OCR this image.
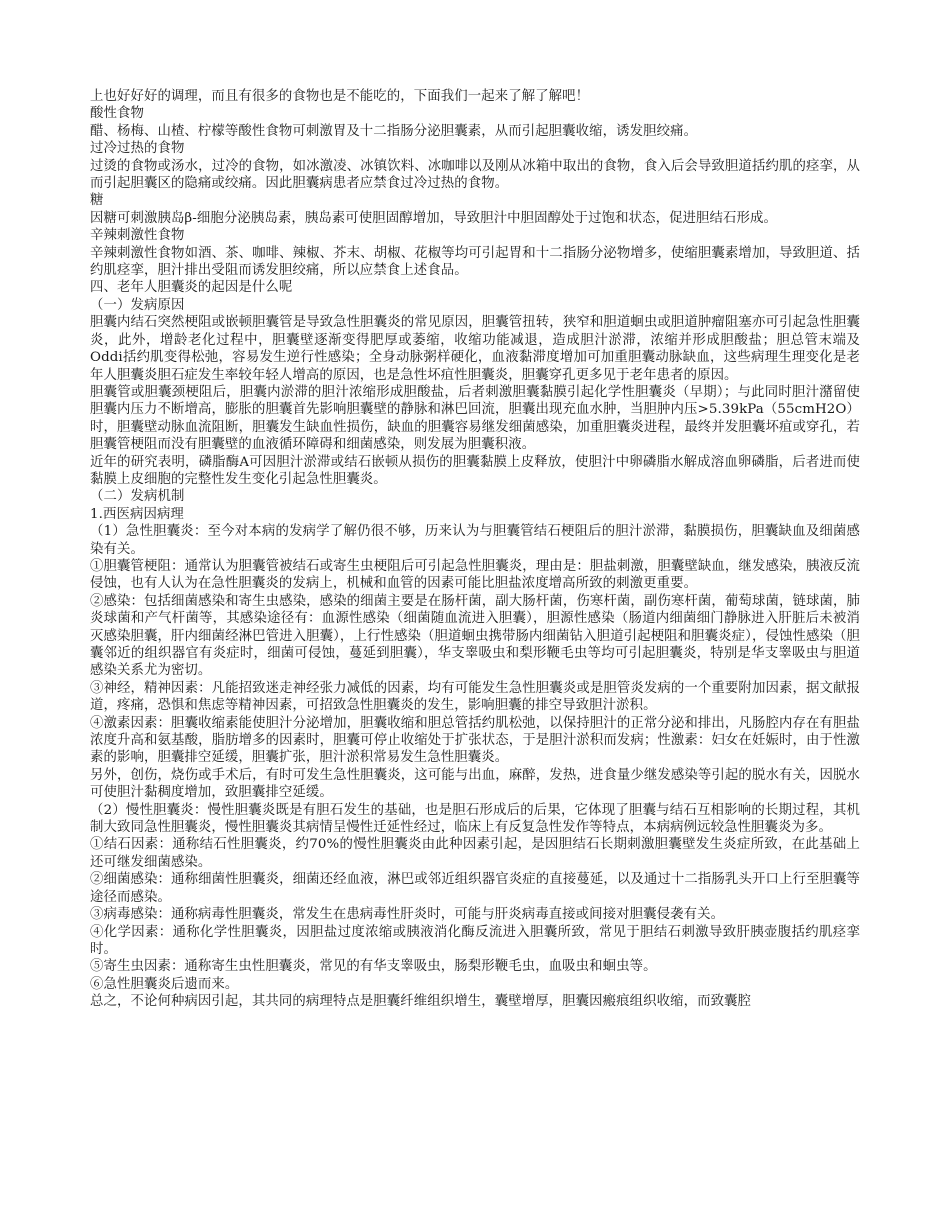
上也好好好的调理，而且有很多的食物也是不能吃的，下面我们一起来了解了解吧！

酸性食物

醋、杨梅、山楂、柠檬等酸性食物可刺激胃及十二指肠分泌胆囊素，从而引起胆囊收缩，诱发胆绞痛。

过冷过热的食物

过烫的食物或汤水，过冷的食物，如冰激凌、冰镇饮料、冰咖啡以及刚从冰箱中取出的食物，食入后会导致胆道括约肌的痉挛，从而引起胆囊区的隐痛或绞痛。因此胆囊病患者应禁食过冷过热的食物。

糖

因糖可刺激胰岛β-细胞分泌胰岛素，胰岛素可使胆固醇增加，导致胆汁中胆固醇处于过饱和状态，促进胆结石形成。

辛辣刺激性食物

辛辣刺激性食物如酒、茶、咖啡、辣椒、芥末、胡椒、花椒等均可引起胃和十二指肠分泌物增多，使缩胆囊素增加，导致胆道、括约肌痉挛，胆汁排出受阻而诱发胆绞痛，所以应禁食上述食品。

四、老年人胆囊炎的起因是什么呢

（一）发病原因

胆囊内结石突然梗阻或嵌顿胆囊管是导致急性胆囊炎的常见原因，胆囊管扭转，狭窄和胆道蛔虫或胆道肿瘤阻塞亦可引起急性胆囊炎，此外，增龄老化过程中，胆囊壁逐渐变得肥厚或萎缩，收缩功能减退，造成胆汁淤滞，浓缩并形成胆酸盐；胆总管末端及Oddi括约肌变得松弛，容易发生逆行性感染；全身动脉粥样硬化，血液黏滞度增加可加重胆囊动脉缺血，这些病理生理变化是老年人胆囊炎胆石症发生率较年轻人增高的原因，也是急性坏疽性胆囊炎，胆囊穿孔更多见于老年患者的原因。

胆囊管或胆囊颈梗阻后，胆囊内淤滞的胆汁浓缩形成胆酸盐，后者刺激胆囊黏膜引起化学性胆囊炎（早期）；与此同时胆汁潴留使胆囊内压力不断增高，膨胀的胆囊首先影响胆囊壁的静脉和淋巴回流，胆囊出现充血水肿，当胆肿内压>5.39kPa（55cmH2O）时，胆囊壁动脉血流阻断，胆囊发生缺血性损伤，缺血的胆囊容易继发细菌感染，加重胆囊炎进程，最终并发胆囊坏疽或穿孔，若胆囊管梗阻而没有胆囊壁的血液循环障碍和细菌感染，则发展为胆囊积液。

近年的研究表明，磷脂酶A可因胆汁淤滞或结石嵌顿从损伤的胆囊黏膜上皮释放，使胆汁中卵磷脂水解成溶血卵磷脂，后者进而使黏膜上皮细胞的完整性发生变化引起急性胆囊炎。

（二）发病机制

1.西医病因病理

（1）急性胆囊炎：至今对本病的发病学了解仍很不够，历来认为与胆囊管结石梗阻后的胆汁淤滞，黏膜损伤，胆囊缺血及细菌感染有关。

①胆囊管梗阻：通常认为胆囊管被结石或寄生虫梗阻后可引起急性胆囊炎，理由是：胆盐刺激，胆囊壁缺血，继发感染，胰液反流侵蚀，也有人认为在急性胆囊炎的发病上，机械和血管的因素可能比胆盐浓度增高所致的刺激更重要。

②感染：包括细菌感染和寄生虫感染，感染的细菌主要是在肠杆菌，副大肠杆菌，伤寒杆菌，副伤寒杆菌，葡萄球菌，链球菌，肺炎球菌和产气杆菌等，其感染途径有：血源性感染（细菌随血流进入胆囊），胆源性感染（肠道内细菌细门静脉进入肝脏后未被消灭感染胆囊，肝内细菌经淋巴管进入胆囊），上行性感染（胆道蛔虫携带肠内细菌钻入胆道引起梗阻和胆囊炎症），侵蚀性感染（胆囊邻近的组织器官有炎症时，细菌可侵蚀，蔓延到胆囊），华支睾吸虫和梨形鞭毛虫等均可引起胆囊炎，特别是华支睾吸虫与胆道感染关系尤为密切。

③神经，精神因素：凡能招致迷走神经张力减低的因素，均有可能发生急性胆囊炎或是胆管炎发病的一个重要附加因素，据文献报道，疼痛，恐惧和焦虑等精神因素，可招致急性胆囊炎的发生，影响胆囊的排空导致胆汁淤积。

④激素因素：胆囊收缩素能使胆汁分泌增加，胆囊收缩和胆总管括约肌松弛，以保持胆汁的正常分泌和排出，凡肠腔内存在有胆盐浓度升高和氨基酸，脂肪增多的因素时，胆囊可停止收缩处于扩张状态，于是胆汁淤积而发病；性激素：妇女在妊娠时，由于性激素的影响，胆囊排空延缓，胆囊扩张，胆汁淤积常易发生急性胆囊炎。

另外，创伤，烧伤或手术后，有时可发生急性胆囊炎，这可能与出血，麻醉，发热，进食量少继发感染等引起的脱水有关，因脱水可使胆汁黏稠度增加，致胆囊排空延缓。

（2）慢性胆囊炎：慢性胆囊炎既是有胆石发生的基础，也是胆石形成后的后果，它体现了胆囊与结石互相影响的长期过程，其机制大致同急性胆囊炎，慢性胆囊炎其病情呈慢性迁延性经过，临床上有反复急性发作等特点，本病病例远较急性胆囊炎为多。

①结石因素：通称结石性胆囊炎，约70%的慢性胆囊炎由此种因素引起，是因胆结石长期刺激胆囊壁发生炎症所致，在此基础上还可继发细菌感染。

②细菌感染：通称细菌性胆囊炎，细菌还经血液，淋巴或邻近组织器官炎症的直接蔓延，以及通过十二指肠乳头开口上行至胆囊等途径而感染。

③病毒感染：通称病毒性胆囊炎，常发生在患病毒性肝炎时，可能与肝炎病毒直接或间接对胆囊侵袭有关。

④化学因素：通称化学性胆囊炎，因胆盐过度浓缩或胰液消化酶反流进入胆囊所致，常见于胆结石刺激导致肝胰壶腹括约肌痉挛时。

⑤寄生虫因素：通称寄生虫性胆囊炎，常见的有华支睾吸虫，肠梨形鞭毛虫，血吸虫和蛔虫等。

⑥急性胆囊炎后遗而来。

总之，不论何种病因引起，其共同的病理特点是胆囊纤维组织增生，囊壁增厚，胆囊因瘢痕组织收缩，而致囊腔
